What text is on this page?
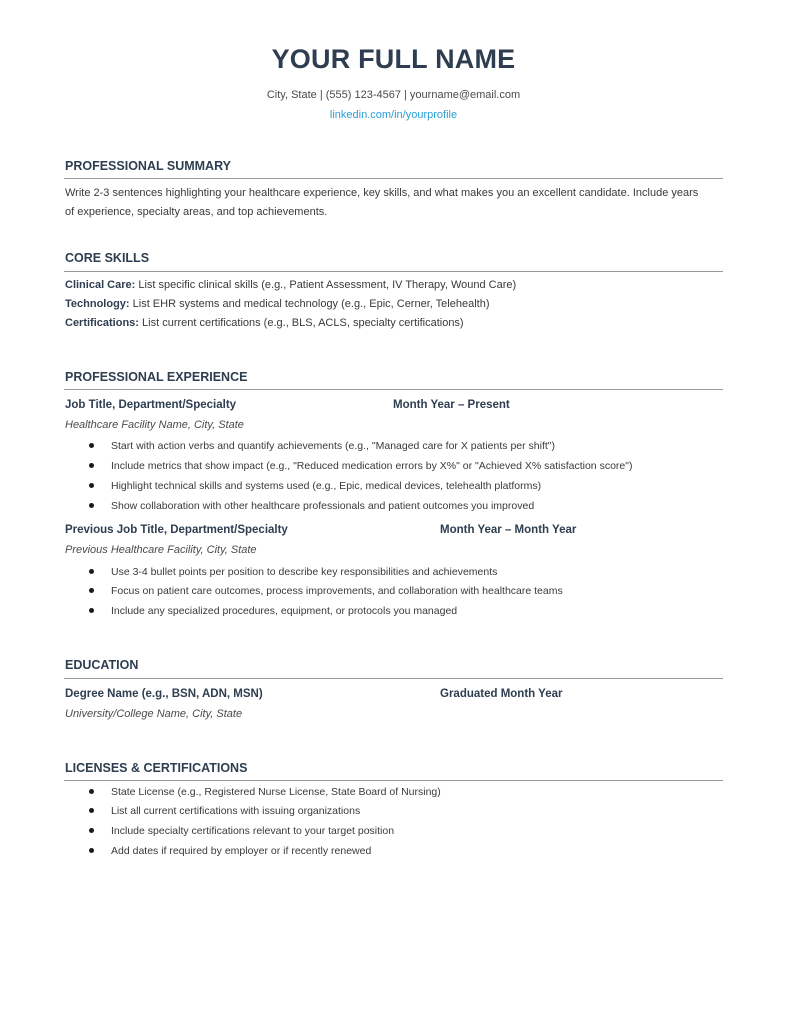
YOUR FULL NAME
City, State | (555) 123-4567 | yourname@email.com
linkedin.com/in/yourprofile
PROFESSIONAL SUMMARY
Write 2-3 sentences highlighting your healthcare experience, key skills, and what makes you an excellent candidate. Include years
of experience, specialty areas, and top achievements.
CORE SKILLS
Clinical Care: List specific clinical skills (e.g., Patient Assessment, IV Therapy, Wound Care)
Technology: List EHR systems and medical technology (e.g., Epic, Cerner, Telehealth)
Certifications: List current certifications (e.g., BLS, ACLS, specialty certifications)
PROFESSIONAL EXPERIENCE
Job Title, Department/Specialty	Month Year – Present
Healthcare Facility Name, City, State
Start with action verbs and quantify achievements (e.g., "Managed care for X patients per shift")
Include metrics that show impact (e.g., "Reduced medication errors by X%" or "Achieved X% satisfaction score")
Highlight technical skills and systems used (e.g., Epic, medical devices, telehealth platforms)
Show collaboration with other healthcare professionals and patient outcomes you improved
Previous Job Title, Department/Specialty	Month Year – Month Year
Previous Healthcare Facility, City, State
Use 3-4 bullet points per position to describe key responsibilities and achievements
Focus on patient care outcomes, process improvements, and collaboration with healthcare teams
Include any specialized procedures, equipment, or protocols you managed
EDUCATION
Degree Name (e.g., BSN, ADN, MSN)	Graduated Month Year
University/College Name, City, State
LICENSES & CERTIFICATIONS
State License (e.g., Registered Nurse License, State Board of Nursing)
List all current certifications with issuing organizations
Include specialty certifications relevant to your target position
Add dates if required by employer or if recently renewed
